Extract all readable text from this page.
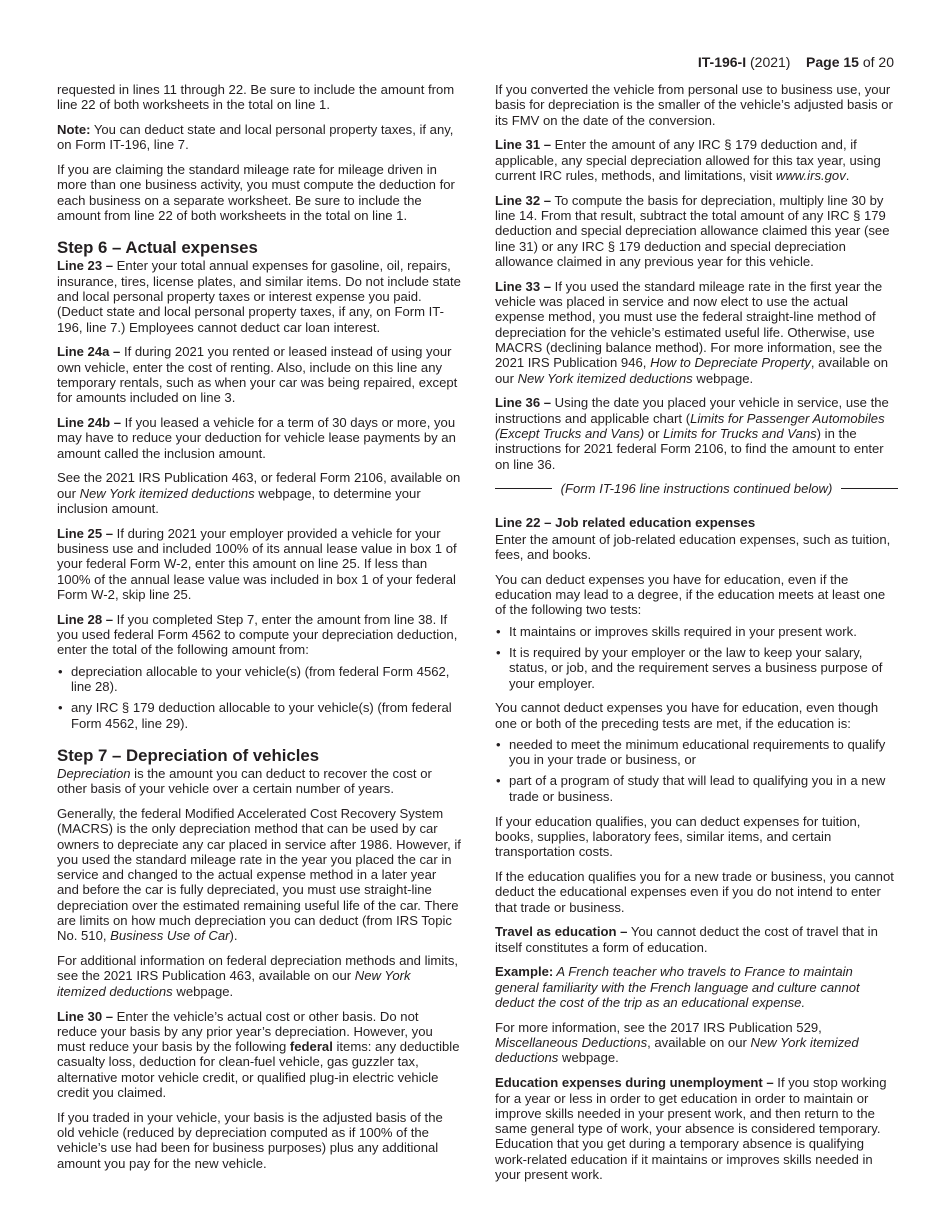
IT-196-I (2021) Page 15 of 20

requested in lines 11 through 22. Be sure to include the amount from line 22 of both worksheets in the total on line 1.

Note: You can deduct state and local personal property taxes, if any, on Form IT-196, line 7.

If you are claiming the standard mileage rate for mileage driven in more than one business activity, you must compute the deduction for each business on a separate worksheet. Be sure to include the amount from line 22 of both worksheets in the total on line 1.

Step 6 – Actual expenses

Line 23 – Enter your total annual expenses for gasoline, oil, repairs, insurance, tires, license plates, and similar items. Do not include state and local personal property taxes or interest expense you paid. (Deduct state and local personal property taxes, if any, on Form IT-196, line 7.) Employees cannot deduct car loan interest.

Line 24a – If during 2021 you rented or leased instead of using your own vehicle, enter the cost of renting. Also, include on this line any temporary rentals, such as when your car was being repaired, except for amounts included on line 3.

Line 24b – If you leased a vehicle for a term of 30 days or more, you may have to reduce your deduction for vehicle lease payments by an amount called the inclusion amount.

See the 2021 IRS Publication 463, or federal Form 2106, available on our New York itemized deductions webpage, to determine your inclusion amount.

Line 25 – If during 2021 your employer provided a vehicle for your business use and included 100% of its annual lease value in box 1 of your federal Form W-2, enter this amount on line 25. If less than 100% of the annual lease value was included in box 1 of your federal Form W-2, skip line 25.

Line 28 – If you completed Step 7, enter the amount from line 38. If you used federal Form 4562 to compute your depreciation deduction, enter the total of the following amount from:

• depreciation allocable to your vehicle(s) (from federal Form 4562, line 28).
• any IRC § 179 deduction allocable to your vehicle(s) (from federal Form 4562, line 29).
Step 7 – Depreciation of vehicles

Depreciation is the amount you can deduct to recover the cost or other basis of your vehicle over a certain number of years.

Generally, the federal Modified Accelerated Cost Recovery System (MACRS) is the only depreciation method that can be used by car owners to depreciate any car placed in service after 1986. However, if you used the standard mileage rate in the year you placed the car in service and changed to the actual expense method in a later year and before the car is fully depreciated, you must use straight-line depreciation over the estimated remaining useful life of the car. There are limits on how much depreciation you can deduct (from IRS Topic No. 510, Business Use of Car).

For additional information on federal depreciation methods and limits, see the 2021 IRS Publication 463, available on our New York itemized deductions webpage.

Line 30 – Enter the vehicle’s actual cost or other basis. Do not reduce your basis by any prior year’s depreciation. However, you must reduce your basis by the following federal items: any deductible casualty loss, deduction for clean-fuel vehicle, gas guzzler tax, alternative motor vehicle credit, or qualified plug-in electric vehicle credit you claimed.

If you traded in your vehicle, your basis is the adjusted basis of the old vehicle (reduced by depreciation computed as if 100% of the vehicle’s use had been for business purposes) plus any additional amount you pay for the new vehicle.

If you converted the vehicle from personal use to business use, your basis for depreciation is the smaller of the vehicle’s adjusted basis or its FMV on the date of the conversion.

Line 31 – Enter the amount of any IRC § 179 deduction and, if applicable, any special depreciation allowed for this tax year, using current IRC rules, methods, and limitations, visit www.irs.gov.

Line 32 – To compute the basis for depreciation, multiply line 30 by line 14. From that result, subtract the total amount of any IRC § 179 deduction and special depreciation allowance claimed this year (see line 31) or any IRC § 179 deduction and special depreciation allowance claimed in any previous year for this vehicle.

Line 33 – If you used the standard mileage rate in the first year the vehicle was placed in service and now elect to use the actual expense method, you must use the federal straight-line method of depreciation for the vehicle’s estimated useful life. Otherwise, use MACRS (declining balance method). For more information, see the 2021 IRS Publication 946, How to Depreciate Property, available on our New York itemized deductions webpage.

Line 36 – Using the date you placed your vehicle in service, use the instructions and applicable chart (Limits for Passenger Automobiles (Except Trucks and Vans) or Limits for Trucks and Vans) in the instructions for 2021 federal Form 2106, to find the amount to enter on line 36.

(Form IT-196 line instructions continued below)
Line 22 – Job related education expenses

Enter the amount of job-related education expenses, such as tuition, fees, and books.

You can deduct expenses you have for education, even if the education may lead to a degree, if the education meets at least one of the following two tests:

• It maintains or improves skills required in your present work.
• It is required by your employer or the law to keep your salary, status, or job, and the requirement serves a business purpose of your employer.

You cannot deduct expenses you have for education, even though one or both of the preceding tests are met, if the education is:

• needed to meet the minimum educational requirements to qualify you in your trade or business, or
• part of a program of study that will lead to qualifying you in a new trade or business.

If your education qualifies, you can deduct expenses for tuition, books, supplies, laboratory fees, similar items, and certain transportation costs.

If the education qualifies you for a new trade or business, you cannot deduct the educational expenses even if you do not intend to enter that trade or business.

Travel as education – You cannot deduct the cost of travel that in itself constitutes a form of education.

Example: A French teacher who travels to France to maintain general familiarity with the French language and culture cannot deduct the cost of the trip as an educational expense.

For more information, see the 2017 IRS Publication 529, Miscellaneous Deductions, available on our New York itemized deductions webpage.

Education expenses during unemployment – If you stop working for a year or less in order to get education in order to maintain or improve skills needed in your present work, and then return to the same general type of work, your absence is considered temporary. Education that you get during a temporary absence is qualifying work-related education if it maintains or improves skills needed in your present work.
